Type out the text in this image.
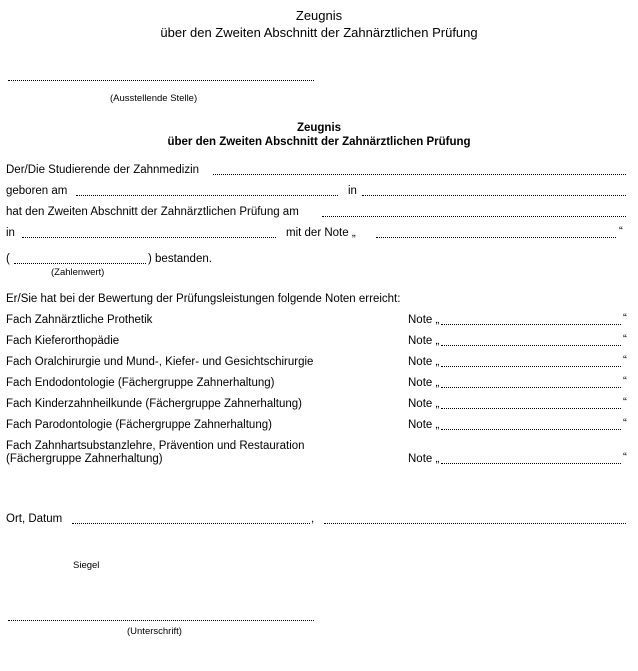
Zeugnis
über den Zweiten Abschnitt der Zahnärztlichen Prüfung
(Ausstellende Stelle)
Zeugnis
über den Zweiten Abschnitt der Zahnärztlichen Prüfung
Der/Die Studierende der Zahnmedizin
geboren am	in
hat den Zweiten Abschnitt der Zahnärztlichen Prüfung am
in	mit der Note „	“
(	) bestanden.
(Zahlenwert)
Er/Sie hat bei der Bewertung der Prüfungsleistungen folgende Noten erreicht:
Fach Zahnärztliche Prothetik	Note „	“
Fach Kieferorthopädie	Note „	“
Fach Oralchirurgie und Mund-, Kiefer- und Gesichtschirurgie	Note „	“
Fach Endodontologie (Fächergruppe Zahnerhaltung)	Note „	“
Fach Kinderzahnheilkunde (Fächergruppe Zahnerhaltung)	Note „	“
Fach Parodontologie (Fächergruppe Zahnerhaltung)	Note „	“
Fach Zahnhartsubstanzlehre, Prävention und Restauration
(Fächergruppe Zahnerhaltung)	Note „	“
Ort, Datum	,
Siegel
(Unterschrift)
